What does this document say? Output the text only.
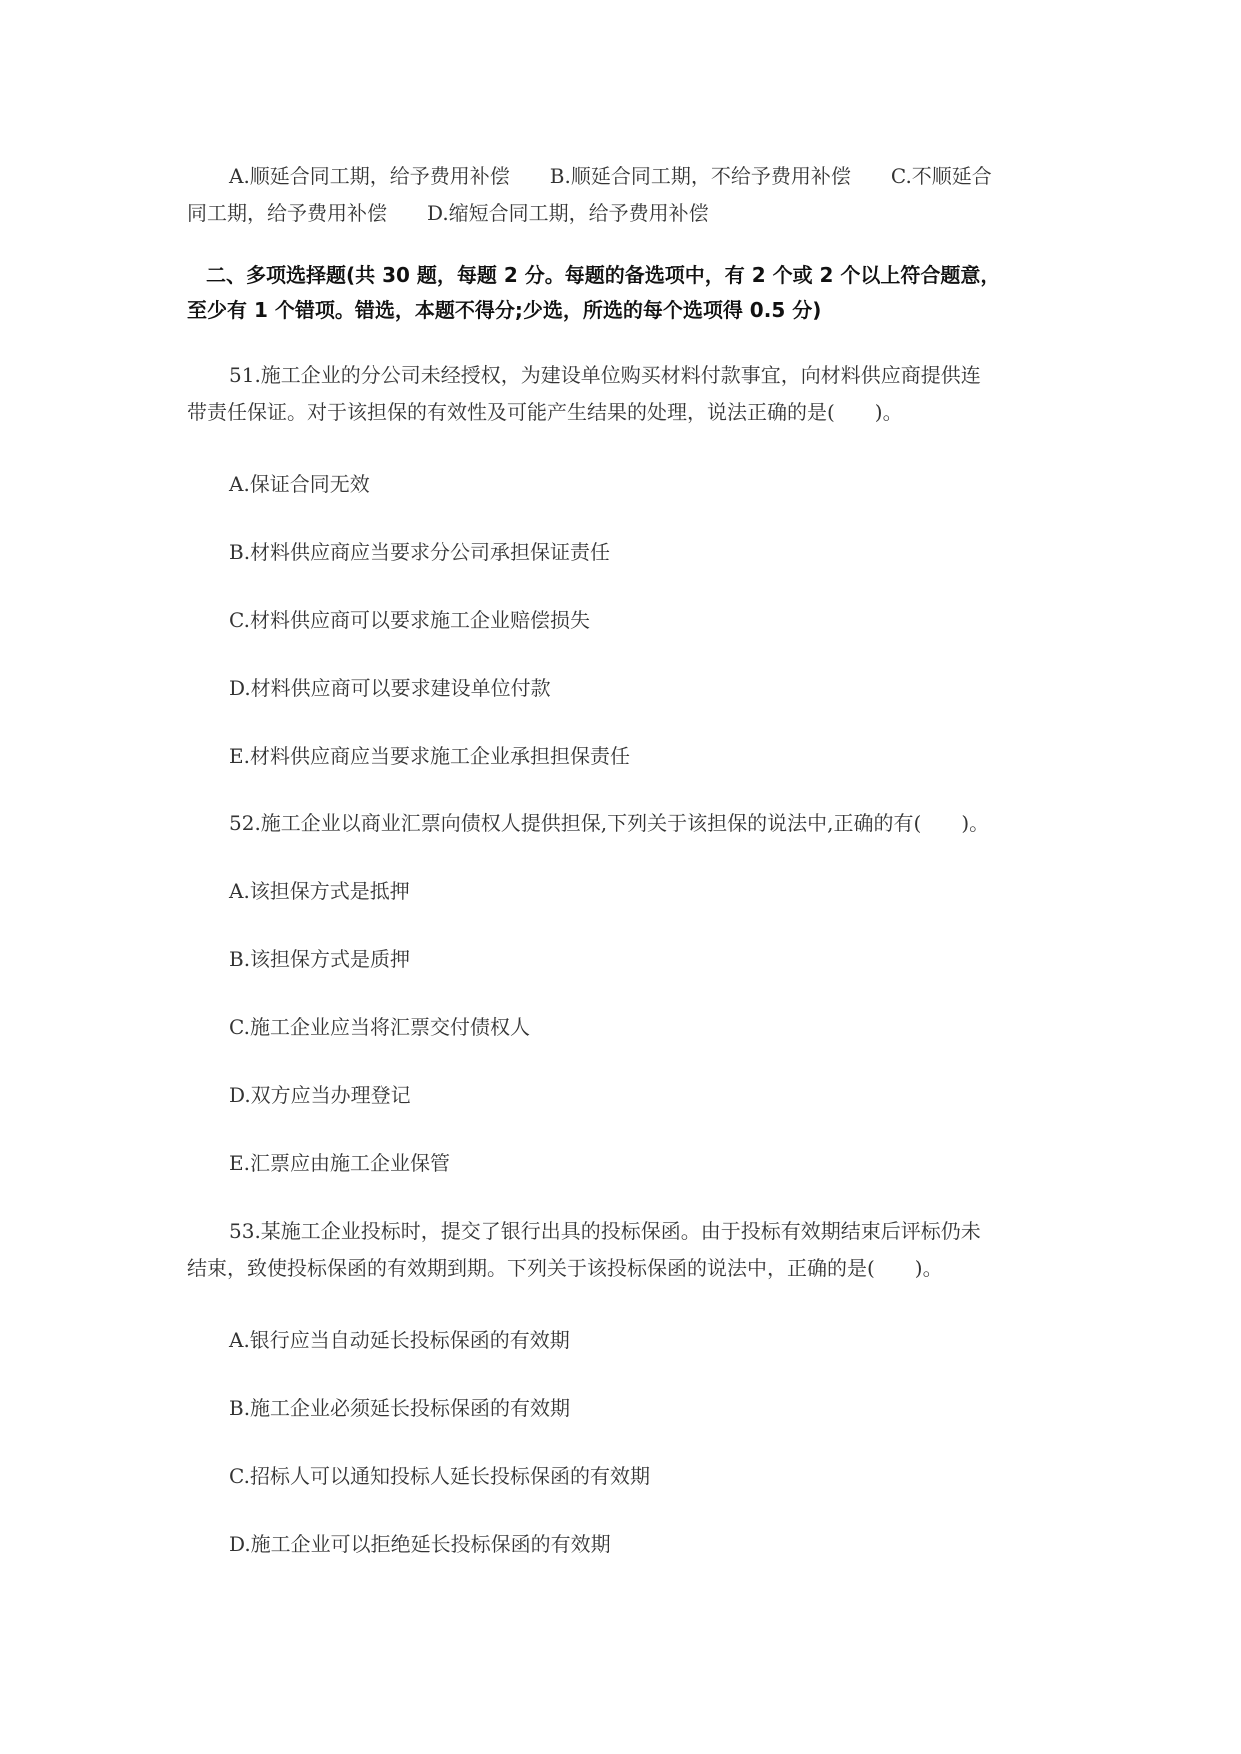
A.顺延合同工期，给予费用补偿　　B.顺延合同工期，不给予费用补偿　　C.不顺延合
同工期，给予费用补偿　　D.缩短合同工期，给予费用补偿
二、多项选择题(共 30 题，每题 2 分。每题的备选项中，有 2 个或 2 个以上符合题意，
至少有 1 个错项。错选，本题不得分;少选，所选的每个选项得 0.5 分)
51.施工企业的分公司未经授权，为建设单位购买材料付款事宜，向材料供应商提供连
带责任保证。对于该担保的有效性及可能产生结果的处理，说法正确的是(　　)。
A.保证合同无效
B.材料供应商应当要求分公司承担保证责任
C.材料供应商可以要求施工企业赔偿损失
D.材料供应商可以要求建设单位付款
E.材料供应商应当要求施工企业承担担保责任
52.施工企业以商业汇票向债权人提供担保,下列关于该担保的说法中,正确的有(　　)。
A.该担保方式是抵押
B.该担保方式是质押
C.施工企业应当将汇票交付债权人
D.双方应当办理登记
E.汇票应由施工企业保管
53.某施工企业投标时，提交了银行出具的投标保函。由于投标有效期结束后评标仍未
结束，致使投标保函的有效期到期。下列关于该投标保函的说法中，正确的是(　　)。
A.银行应当自动延长投标保函的有效期
B.施工企业必须延长投标保函的有效期
C.招标人可以通知投标人延长投标保函的有效期
D.施工企业可以拒绝延长投标保函的有效期
